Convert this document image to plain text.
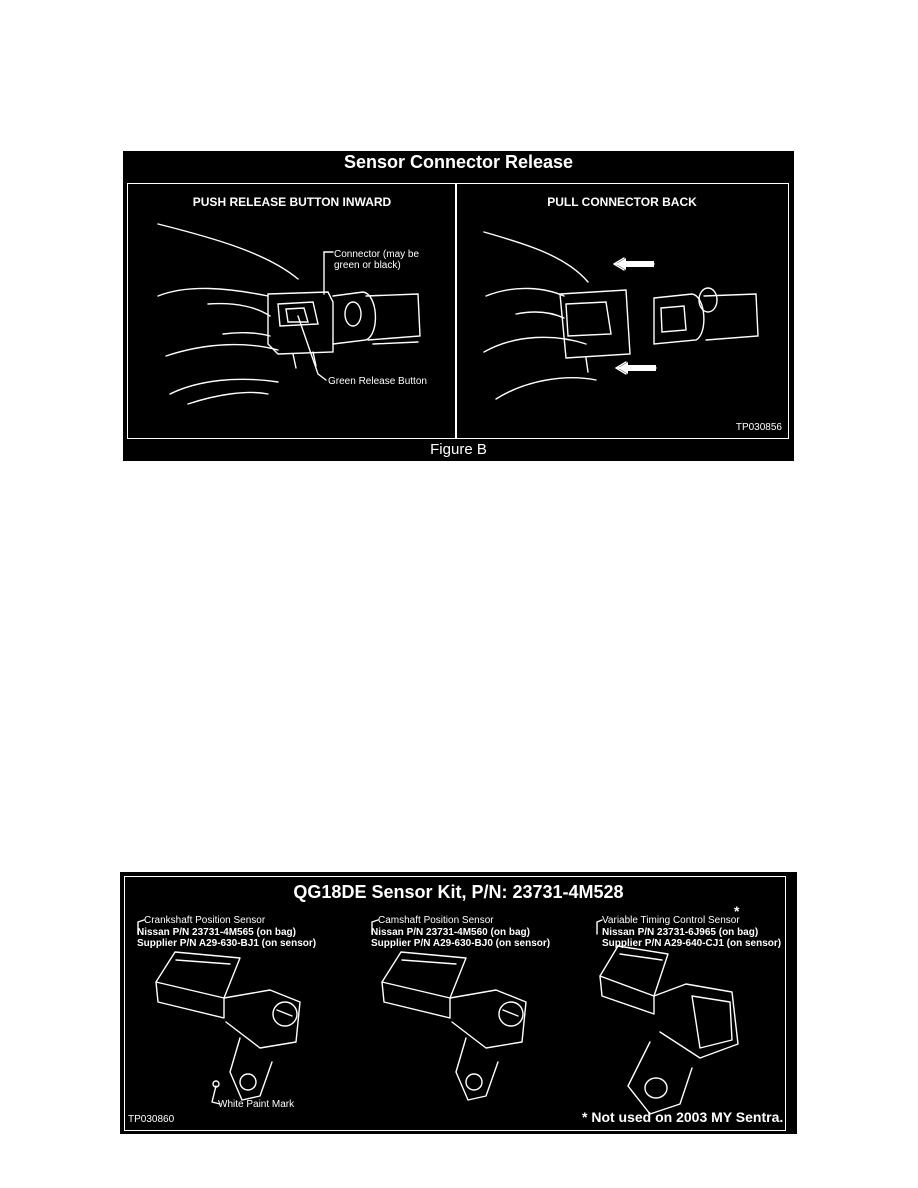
Sensor Connector Release
PUSH RELEASE BUTTON INWARD
Connector (may be
green or black)
Green Release Button
PULL CONNECTOR BACK
TP030856
Figure B
QG18DE Sensor Kit, P/N: 23731-4M528
Crankshaft Position Sensor
Nissan P/N 23731-4M565 (on bag)
Supplier P/N A29-630-BJ1 (on sensor)
Camshaft Position Sensor
Nissan P/N 23731-4M560 (on bag)
Supplier P/N A29-630-BJ0 (on sensor)
Variable Timing Control Sensor
*
Nissan P/N 23731-6J965 (on bag)
Supplier P/N A29-640-CJ1 (on sensor)
White Paint Mark
TP030860	* Not used on 2003 MY Sentra.
